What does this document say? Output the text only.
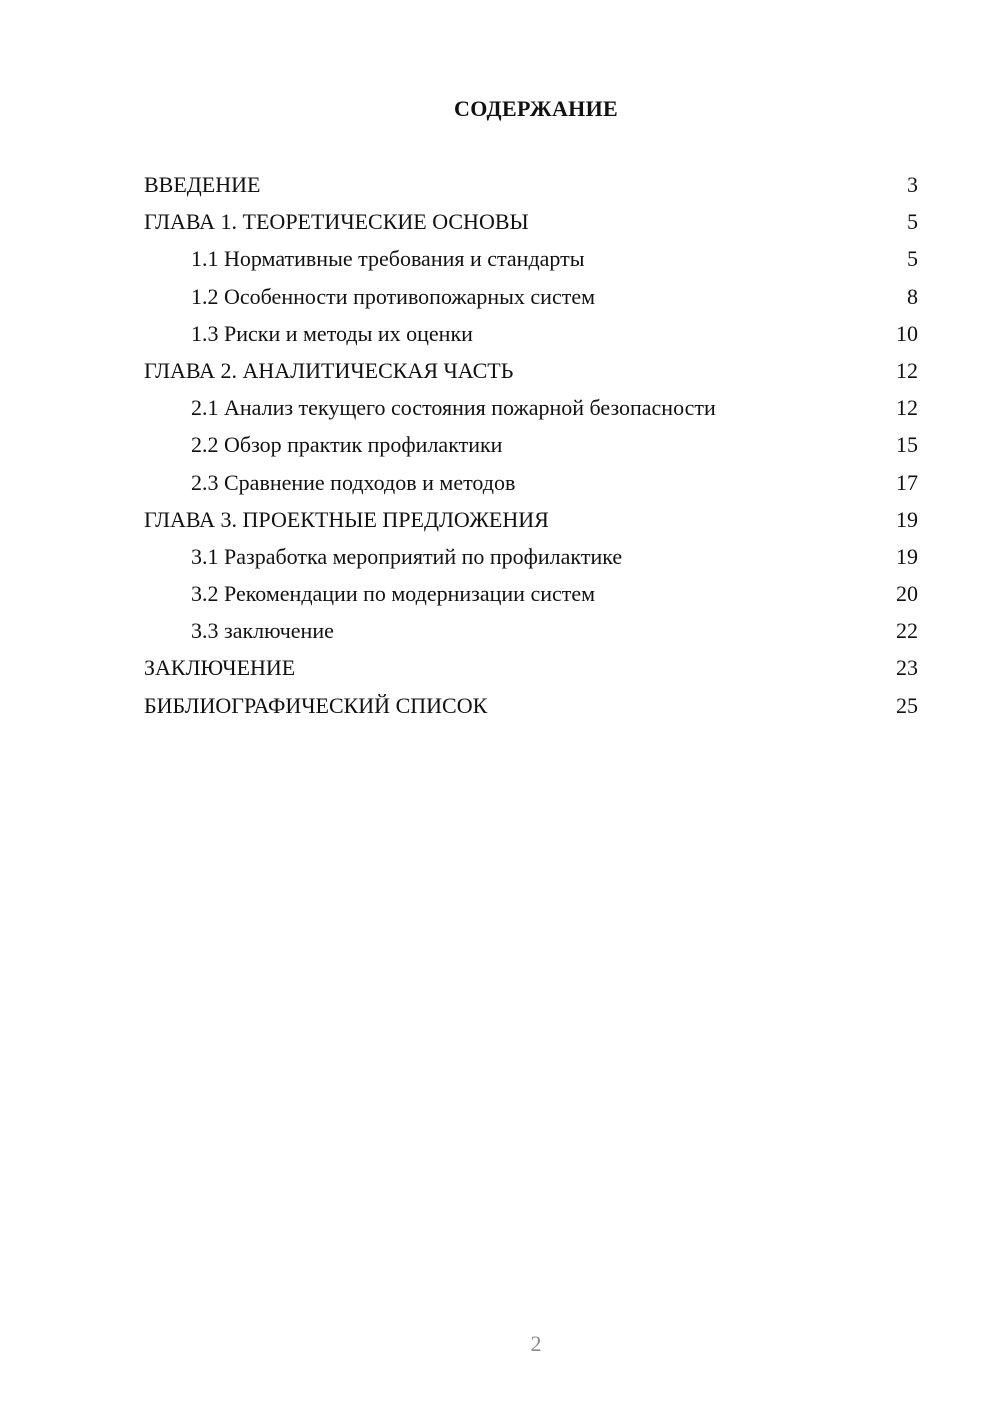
СОДЕРЖАНИЕ
ВВЕДЕНИЕ	3
ГЛАВА 1. ТЕОРЕТИЧЕСКИЕ ОСНОВЫ	5
1.1 Нормативные требования и стандарты	5
1.2 Особенности противопожарных систем	8
1.3 Риски и методы их оценки	10
ГЛАВА 2. АНАЛИТИЧЕСКАЯ ЧАСТЬ	12
2.1 Анализ текущего состояния пожарной безопасности	12
2.2 Обзор практик профилактики	15
2.3 Сравнение подходов и методов	17
ГЛАВА 3. ПРОЕКТНЫЕ ПРЕДЛОЖЕНИЯ	19
3.1 Разработка мероприятий по профилактике	19
3.2 Рекомендации по модернизации систем	20
3.3 заключение	22
ЗАКЛЮЧЕНИЕ	23
БИБЛИОГРАФИЧЕСКИЙ СПИСОК	25
2
